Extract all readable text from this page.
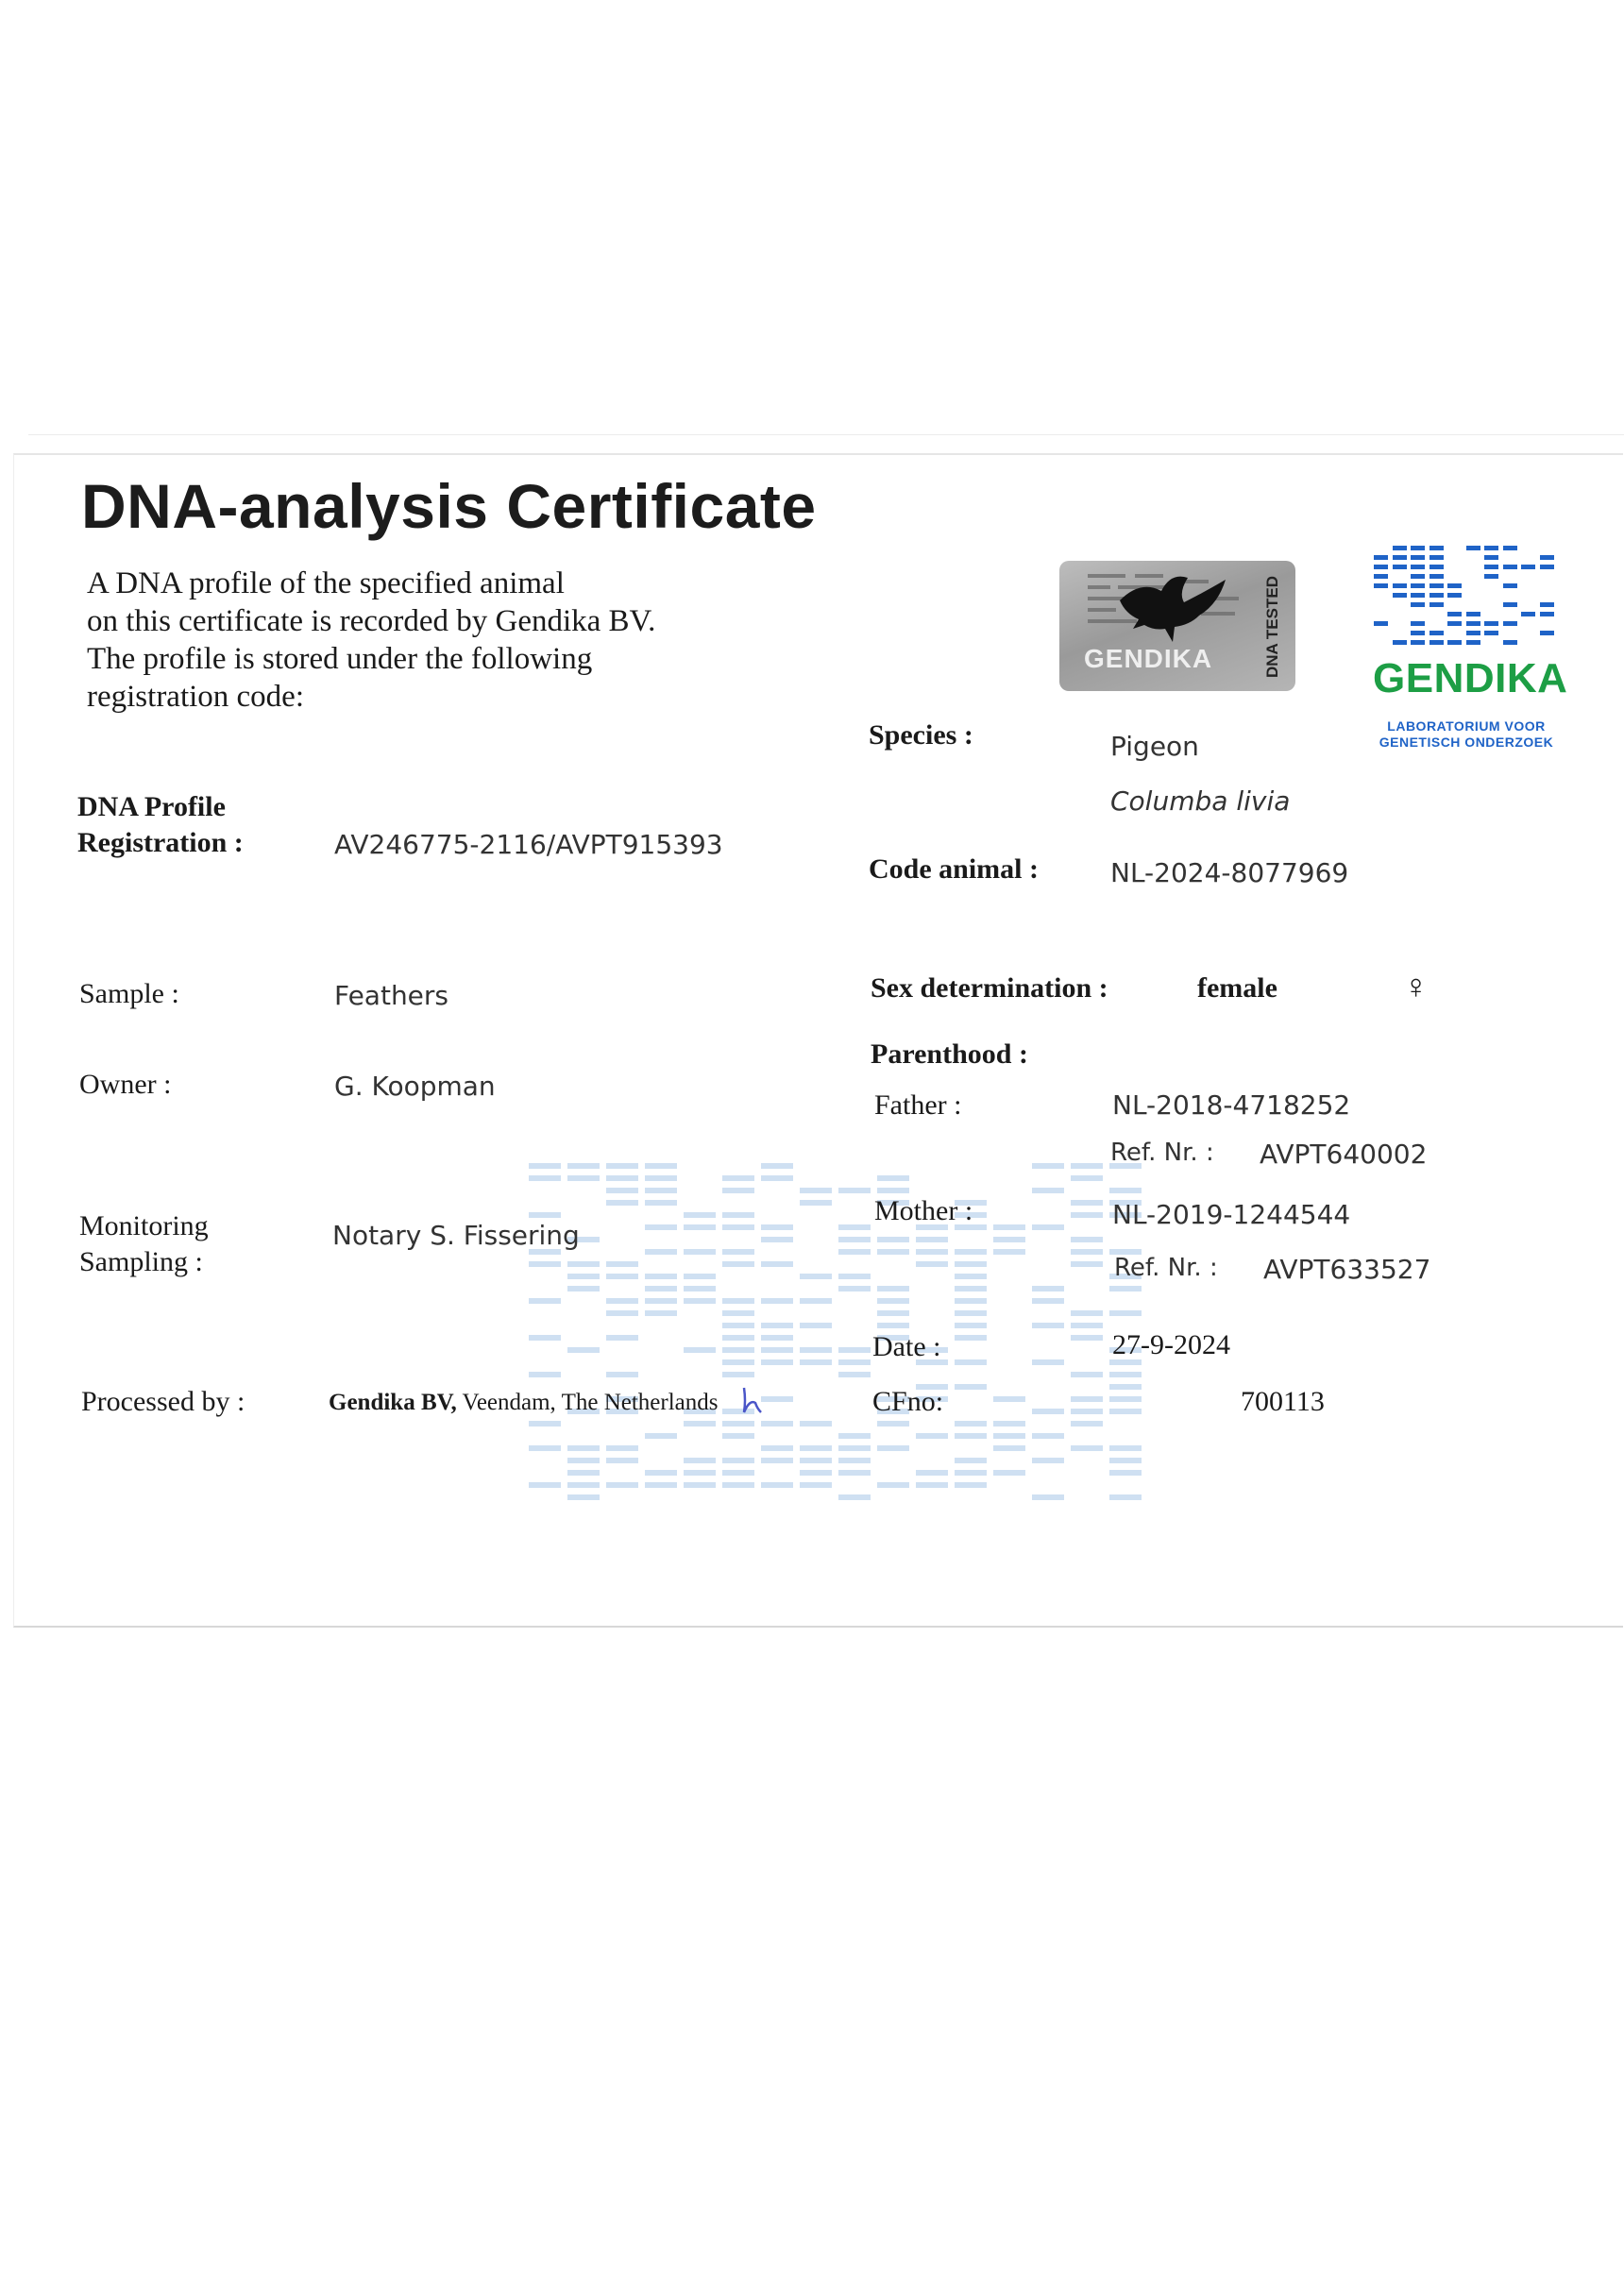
DNA-analysis Certificate
A DNA profile of the specified animal
on this certificate is recorded by Gendika BV.
The profile is stored under the following
registration code:
GENDIKA	DNA TESTED
GENDIKA
LABORATORIUM VOOR
GENETISCH ONDERZOEK
DNA Profile
Registration :	AV246775-2116/AVPT915393
Sample :	Feathers
Owner :	G. Koopman
Monitoring
Sampling :
Notary S. Fissering
Processed by :	Gendika BV, Veendam, The Netherlands
Species :	Pigeon
Columba livia
Code animal :	NL-2024-8077969
Sex determination :	female	♀
Parenthood :
Father :	NL-2018-4718252
Ref. Nr. : AVPT640002
Mother :	NL-2019-1244544
Ref. Nr. : AVPT633527
Date :	27-9-2024
CFno:	700113
